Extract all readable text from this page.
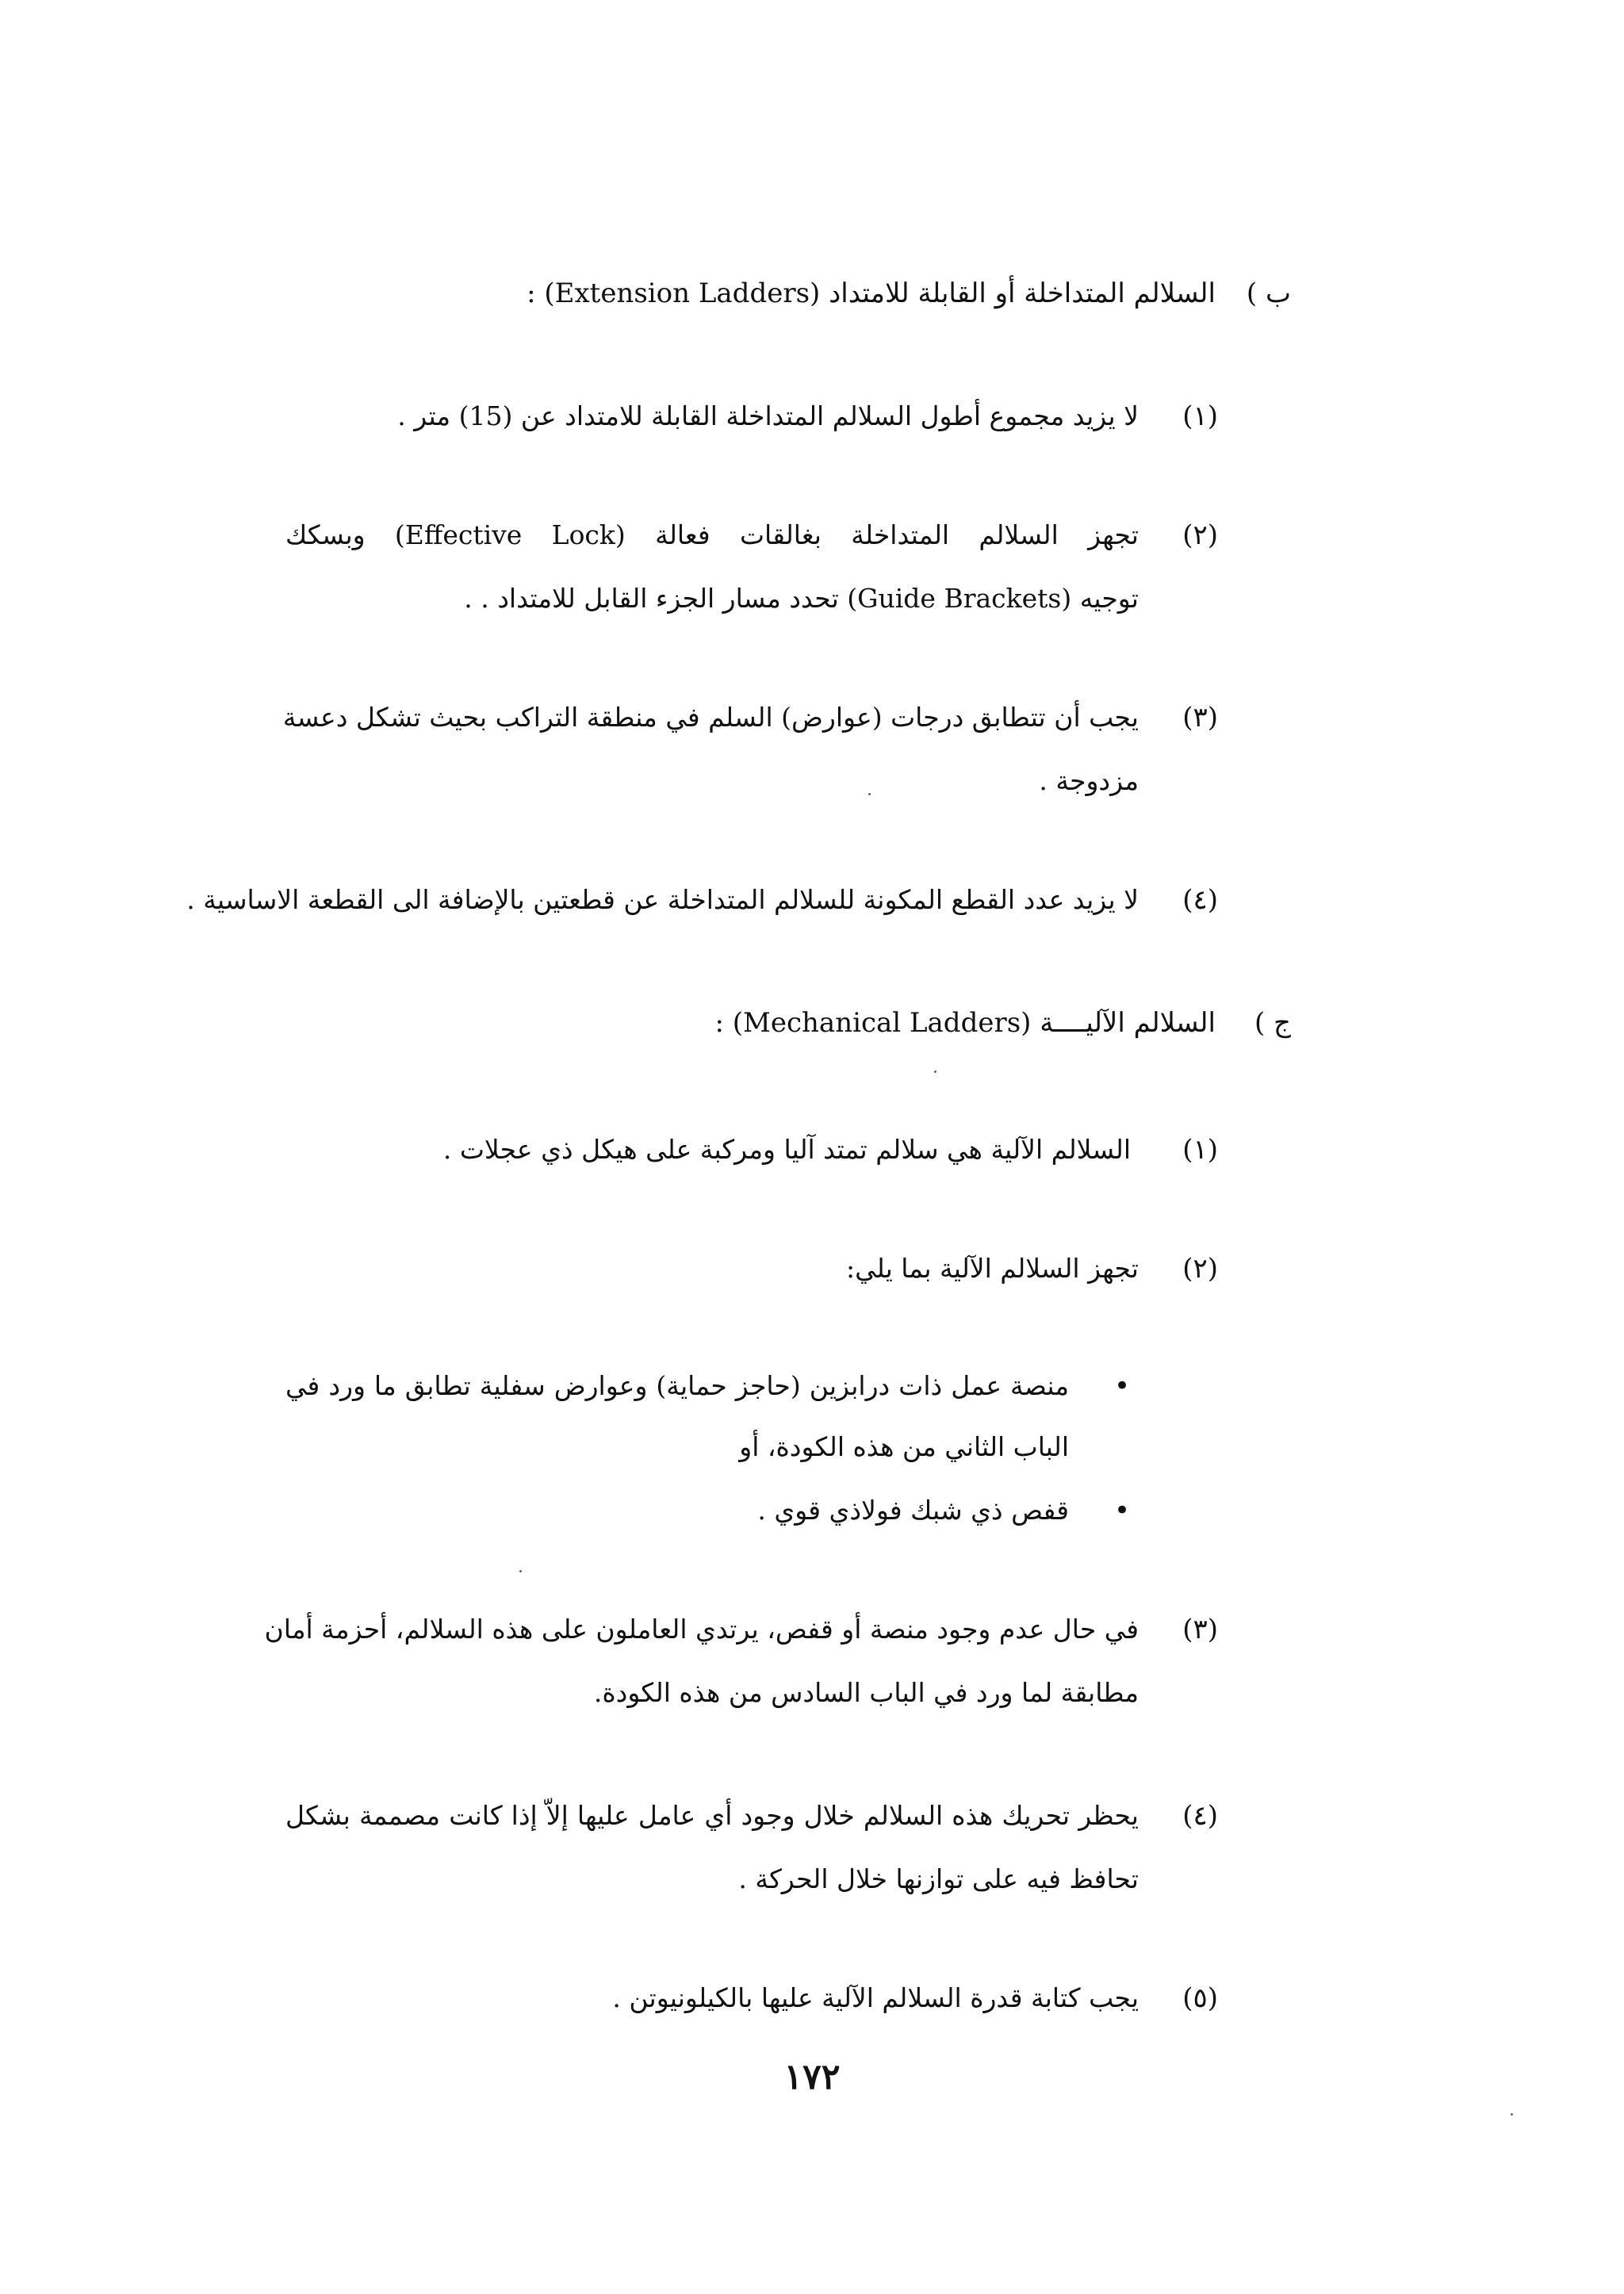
ب )
السلالم المتداخلة أو القابلة للامتداد (Extension Ladders) :
(١)
لا يزيد مجموع أطول السلالم المتداخلة القابلة للامتداد عن (15) متر .
(٢)
تجهز السلالم المتداخلة بغالقات فعالة (Effective Lock) وبسكك
توجيه (Guide Brackets) تحدد مسار الجزء القابل للامتداد . .
(٣)
يجب أن تتطابق درجات (عوارض) السلم في منطقة التراكب بحيث تشكل دعسة
مزدوجة .
(٤)
لا يزيد عدد القطع المكونة للسلالم المتداخلة عن قطعتين بالإضافة الى القطعة الاساسية .
ج )
السلالم الآليــــة (Mechanical Ladders) :
(١)
السلالم الآلية هي سلالم تمتد آليا ومركبة على هيكل ذي عجلات .
(٢)
تجهز السلالم الآلية بما يلي:
•
منصة عمل ذات درابزين (حاجز حماية) وعوارض سفلية تطابق ما ورد في
الباب الثاني من هذه الكودة، أو
•
قفص ذي شبك فولاذي قوي .
(٣)
في حال عدم وجود منصة أو قفص، يرتدي العاملون على هذه السلالم، أحزمة أمان
مطابقة لما ورد في الباب السادس من هذه الكودة.
(٤)
يحظر تحريك هذه السلالم خلال وجود أي عامل عليها إلاّ إذا كانت مصممة بشكل
تحافظ فيه على توازنها خلال الحركة .
(٥)
يجب كتابة قدرة السلالم الآلية عليها بالكيلونيوتن .
١٧٢
